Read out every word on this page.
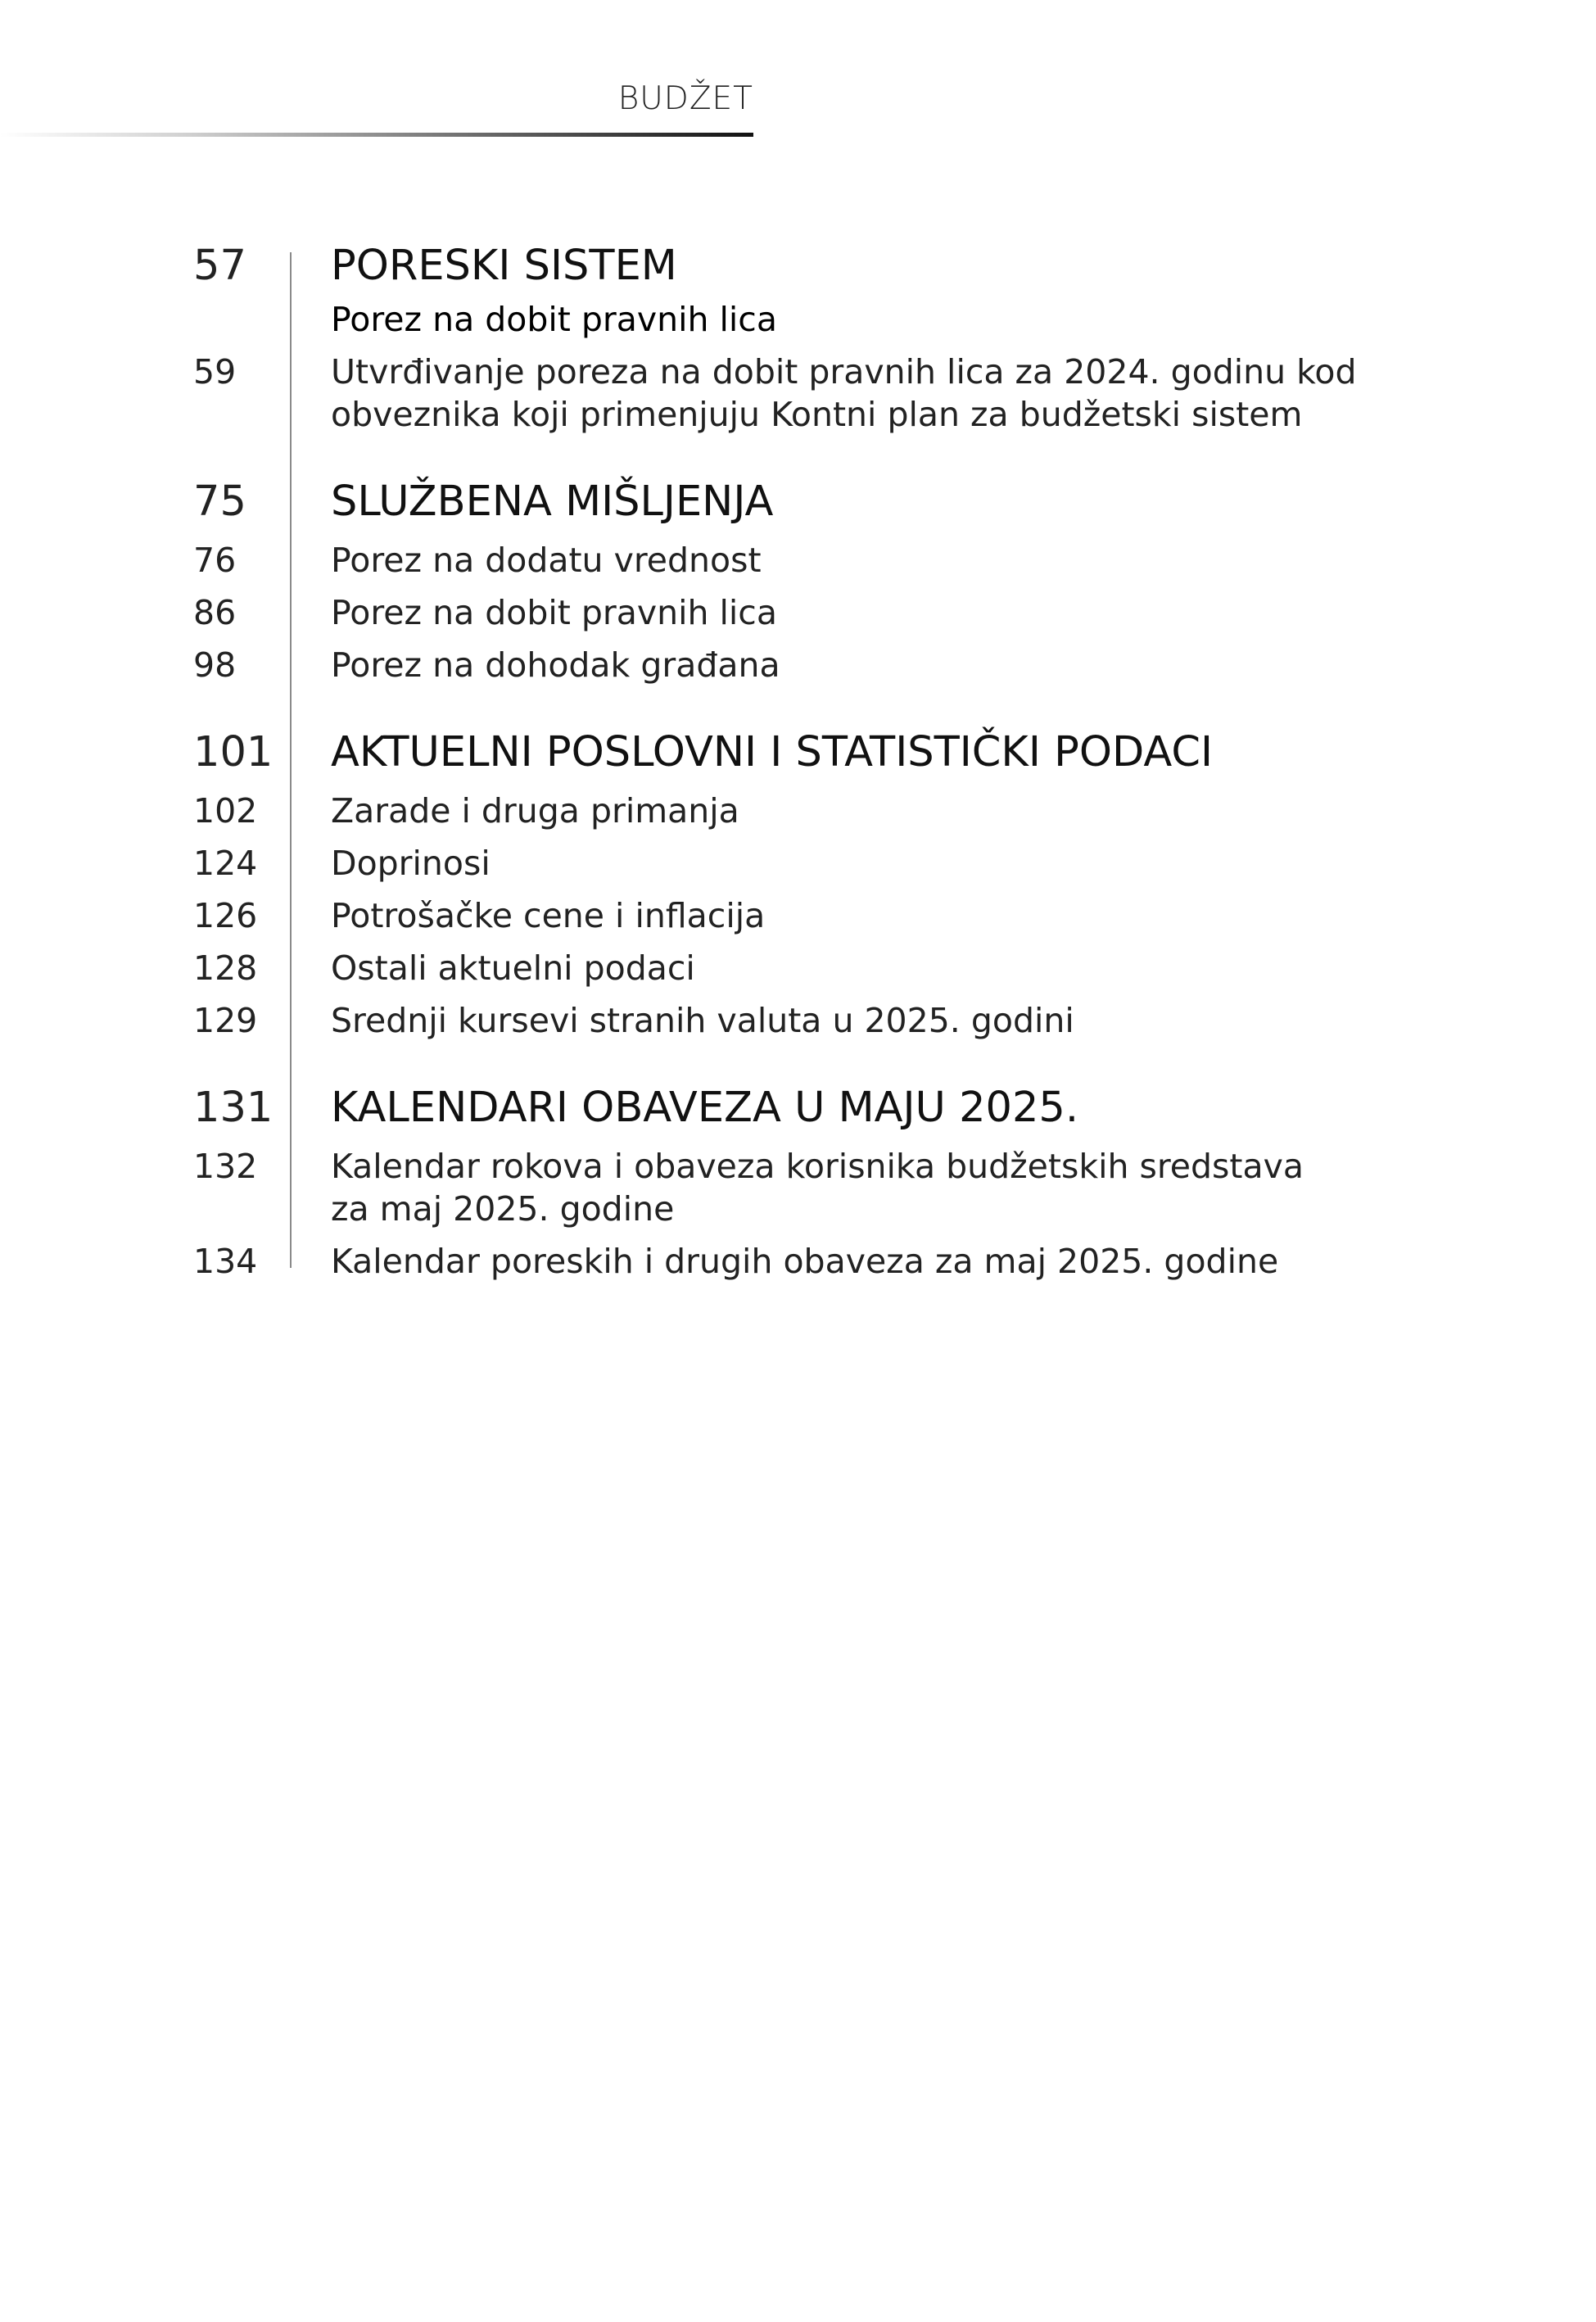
BUDŽET
57	PORESKI SISTEM
Porez na dobit pravnih lica
59	Utvrđivanje poreza na dobit pravnih lica za 2024. godinu kod
obveznika koji primenjuju Kontni plan za budžetski sistem
75	SLUŽBENA MIŠLJENJA
76	Porez na dodatu vrednost
86	Porez na dobit pravnih lica
98	Porez na dohodak građana
101	AKTUELNI POSLOVNI I STATISTIČKI PODACI
102	Zarade i druga primanja
124	Doprinosi
126	Potrošačke cene i inflacija
128	Ostali aktuelni podaci
129	Srednji kursevi stranih valuta u 2025. godini
131	KALENDARI OBAVEZA U MAJU 2025.
132	Kalendar rokova i obaveza korisnika budžetskih sredstava
za maj 2025. godine
134	Kalendar poreskih i drugih obaveza za maj 2025. godine
